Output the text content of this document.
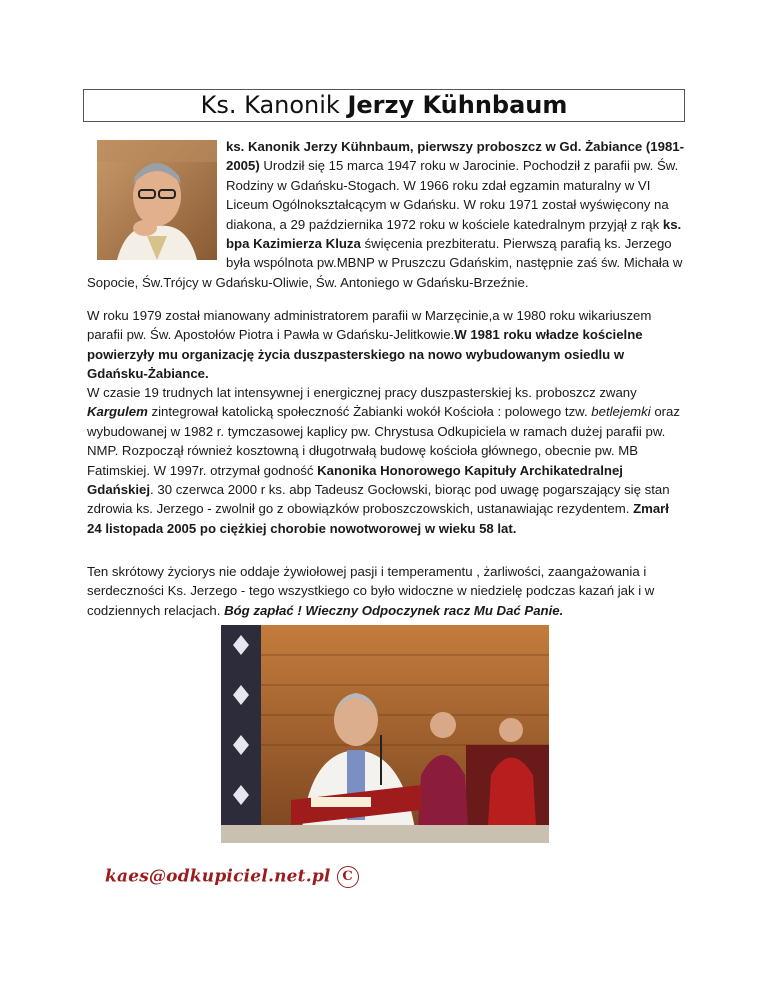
Ks. Kanonik Jerzy Kühnbaum

ks. Kanonik Jerzy Kühnbaum, pierwszy proboszcz w Gd. Żabiance (1981-2005) Urodził się 15 marca 1947 roku w Jarocinie. Pochodził z parafii pw. Św. Rodziny w Gdańsku-Stogach. W 1966 roku zdał egzamin maturalny w VI Liceum Ogólnokształcącym w Gdańsku. W roku 1971 został wyświęcony na diakona, a 29 października 1972 roku w kościele katedralnym przyjął z rąk ks. bpa Kazimierza Kluza święcenia prezbiteratu. Pierwszą parafią ks. Jerzego była wspólnota pw.MBNP w Pruszczu Gdańskim, następnie zaś św. Michała w Sopocie, Św.Trójcy w Gdańsku-Oliwie, Św. Antoniego w Gdańsku-Brzeźnie.

W roku 1979 został mianowany administratorem parafii w Marzęcinie,a w 1980 roku wikariuszem parafii pw. Św. Apostołów Piotra i Pawła w Gdańsku-Jelitkowie.W 1981 roku władze kościelne powierzyły mu organizację życia duszpasterskiego na nowo wybudowanym osiedlu w Gdańsku-Żabiance.

W czasie 19 trudnych lat intensywnej i energicznej pracy duszpasterskiej ks. proboszcz zwany Kargulem zintegrował katolicką społeczność Żabianki wokół Kościoła : polowego tzw. betlejemki oraz wybudowanej w 1982 r. tymczasowej kaplicy pw. Chrystusa Odkupiciela w ramach dużej parafii pw. NMP. Rozpoczął również kosztowną i długotrwałą budowę kościoła głównego, obecnie pw. MB Fatimskiej. W 1997r. otrzymał godność Kanonika Honorowego Kapituły Archikatedralnej Gdańskiej. 30 czerwca 2000 r ks. abp Tadeusz Gocłowski, biorąc pod uwagę pogarszający się stan zdrowia ks. Jerzego - zwolnił go z obowiązków proboszczowskich, ustanawiając rezydentem. Zmarł 24 listopada 2005 po ciężkiej chorobie nowotworowej w wieku 58 lat.

Ten skrótowy życiorys nie oddaje żywiołowej pasji i temperamentu , żarliwości, zaangażowania i serdeczności Ks. Jerzego - tego wszystkiego co było widoczne w niedzielę podczas kazań jak i w codziennych relacjach. Bóg zapłać ! Wieczny Odpoczynek racz Mu Dać Panie.

kaes@odkupiciel.net.pl C
